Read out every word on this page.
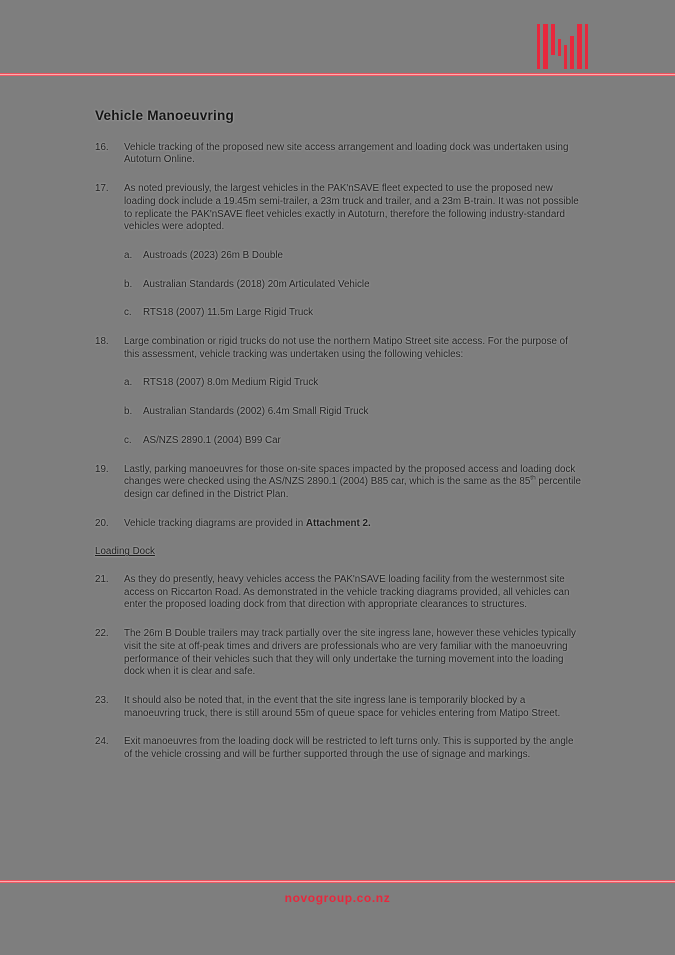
Vehicle Manoeuvring
16.	Vehicle tracking of the proposed new site access arrangement and loading dock was undertaken using Autoturn Online.
17.	As noted previously, the largest vehicles in the PAK'nSAVE fleet expected to use the proposed new loading dock include a 19.45m semi-trailer, a 23m truck and trailer, and a 23m B-train. It was not possible to replicate the PAK'nSAVE fleet vehicles exactly in Autoturn, therefore the following industry-standard vehicles were adopted.
a.	Austroads (2023) 26m B Double
b.	Australian Standards (2018) 20m Articulated Vehicle
c.	RTS18 (2007) 11.5m Large Rigid Truck
18.	Large combination or rigid trucks do not use the northern Matipo Street site access. For the purpose of this assessment, vehicle tracking was undertaken using the following vehicles:
a.	RTS18 (2007) 8.0m Medium Rigid Truck
b.	Australian Standards (2002) 6.4m Small Rigid Truck
c.	AS/NZS 2890.1 (2004) B99 Car
19.	Lastly, parking manoeuvres for those on-site spaces impacted by the proposed access and loading dock changes were checked using the AS/NZS 2890.1 (2004) B85 car, which is the same as the 85th percentile design car defined in the District Plan.
20.	Vehicle tracking diagrams are provided in Attachment 2.
Loading Dock
21.	As they do presently, heavy vehicles access the PAK'nSAVE loading facility from the westernmost site access on Riccarton Road. As demonstrated in the vehicle tracking diagrams provided, all vehicles can enter the proposed loading dock from that direction with appropriate clearances to structures.
22.	The 26m B Double trailers may track partially over the site ingress lane, however these vehicles typically visit the site at off-peak times and drivers are professionals who are very familiar with the manoeuvring performance of their vehicles such that they will only undertake the turning movement into the loading dock when it is clear and safe.
23.	It should also be noted that, in the event that the site ingress lane is temporarily blocked by a manoeuvring truck, there is still around 55m of queue space for vehicles entering from Matipo Street.
24.	Exit manoeuvres from the loading dock will be restricted to left turns only. This is supported by the angle of the vehicle crossing and will be further supported through the use of signage and markings.
novogroup.co.nz
